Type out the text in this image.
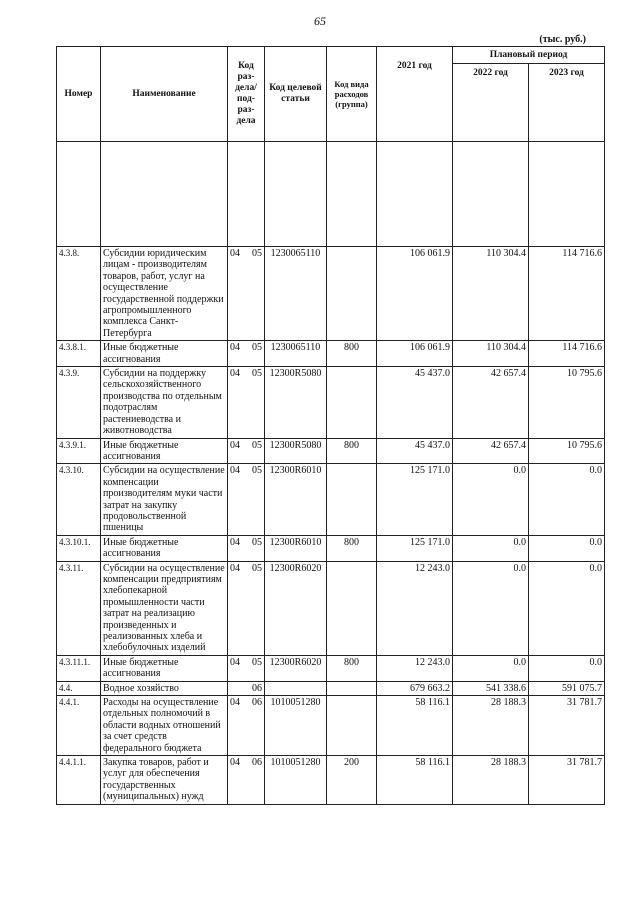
65
(тыс. руб.)
Номер	Наименование	Код раз-дела/ под-раз-дела	Код целевой статьи	Код вида расходов (группа)	2021 год	Плановый период	
						2022 год	2023 год

4.3.8.	Субсидии юридическим лицам - производителям товаров, работ, услуг на осуществление государственной поддержки агропромышленного комплекса Санкт-Петербурга	04 05	1230065110		106 061.9	110 304.4	114 716.6
4.3.8.1.	Иные бюджетные ассигнования	04 05	1230065110	800	106 061.9	110 304.4	114 716.6
4.3.9.	Субсидии на поддержку сельскохозяйственного производства по отдельным подотраслям растениеводства и животноводства	04 05	12300R5080		45 437.0	42 657.4	10 795.6
4.3.9.1.	Иные бюджетные ассигнования	04 05	12300R5080	800	45 437.0	42 657.4	10 795.6
4.3.10.	Субсидии на осуществление компенсации производителям муки части затрат на закупку продовольственной пшеницы	04 05	12300R6010		125 171.0	0.0	0.0
4.3.10.1.	Иные бюджетные ассигнования	04 05	12300R6010	800	125 171.0	0.0	0.0
4.3.11.	Субсидии на осуществление компенсации предприятиям хлебопекарной промышленности части затрат на реализацию произведенных и реализованных хлеба и хлебобулочных изделий	04 05	12300R6020		12 243.0	0.0	0.0
4.3.11.1.	Иные бюджетные ассигнования	04 05	12300R6020	800	12 243.0	0.0	0.0
4.4.	Водное хозяйство	06			679 663.2	541 338.6	591 075.7
4.4.1.	Расходы на осуществление отдельных полномочий в области водных отношений за счет средств федерального бюджета	04 06	1010051280		58 116.1	28 188.3	31 781.7
4.4.1.1.	Закупка товаров, работ и услуг для обеспечения государственных (муниципальных) нужд	04 06	1010051280	200	58 116.1	28 188.3	31 781.7
